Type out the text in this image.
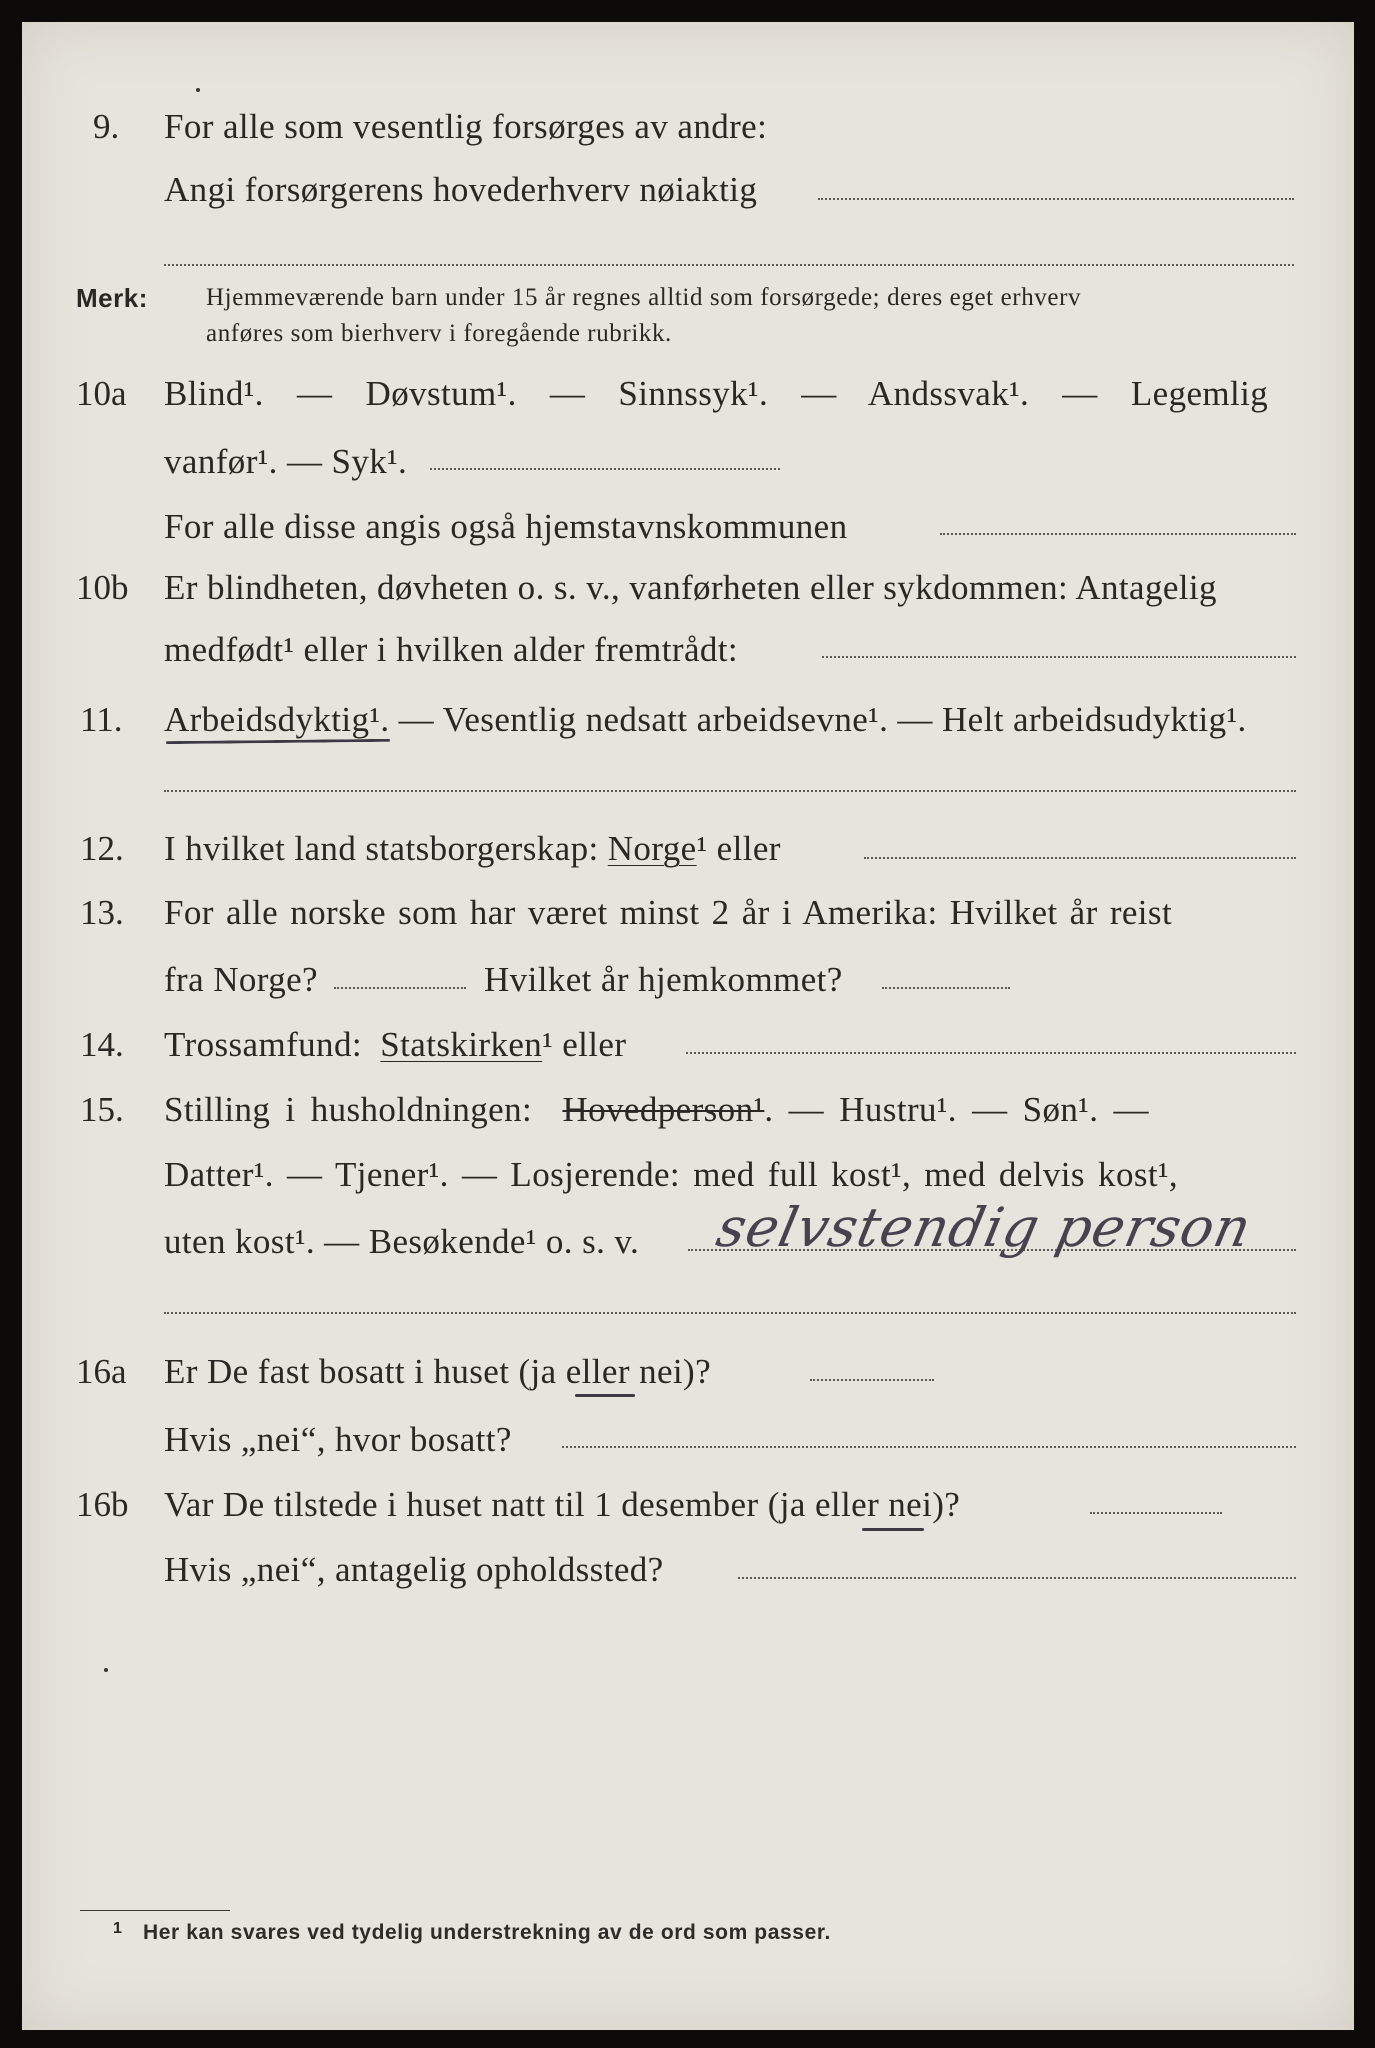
9. For alle som vesentlig forsørges av andre:
Angi forsørgerens hovederhverv nøiaktig
Merk: Hjemmeværende barn under 15 år regnes alltid som forsørgede; deres eget erhverv
anføres som bierhverv i foregående rubrikk.
10a Blind¹. — Døvstum¹. — Sinnssyk¹. — Andssvak¹. — Legemlig
vanfør¹. — Syk¹.
For alle disse angis også hjemstavnskommunen
10b Er blindheten, døvheten o. s. v., vanførheten eller sykdommen: Antagelig
medfødt¹ eller i hvilken alder fremtrådt:
11. Arbeidsdyktig¹. — Vesentlig nedsatt arbeidsevne¹. — Helt arbeidsudyktig¹.
12. I hvilket land statsborgerskap: Norge¹ eller
13. For alle norske som har været minst 2 år i Amerika: Hvilket år reist
fra Norge?	Hvilket år hjemkommet?
14. Trossamfund: Statskirken¹ eller
15. Stilling i husholdningen: Hovedperson¹. — Hustru¹. — Søn¹. —
Datter¹. — Tjener¹. — Losjerende: med full kost¹, med delvis kost¹,
uten kost¹. — Besøkende¹ o. s. v. selvstendig person
16a Er De fast bosatt i huset (ja eller nei)?
Hvis „nei“, hvor bosatt?
16b Var De tilstede i huset natt til 1 desember (ja eller nei)?
Hvis „nei“, antagelig opholdssted?
1 Her kan svares ved tydelig understrekning av de ord som passer.
